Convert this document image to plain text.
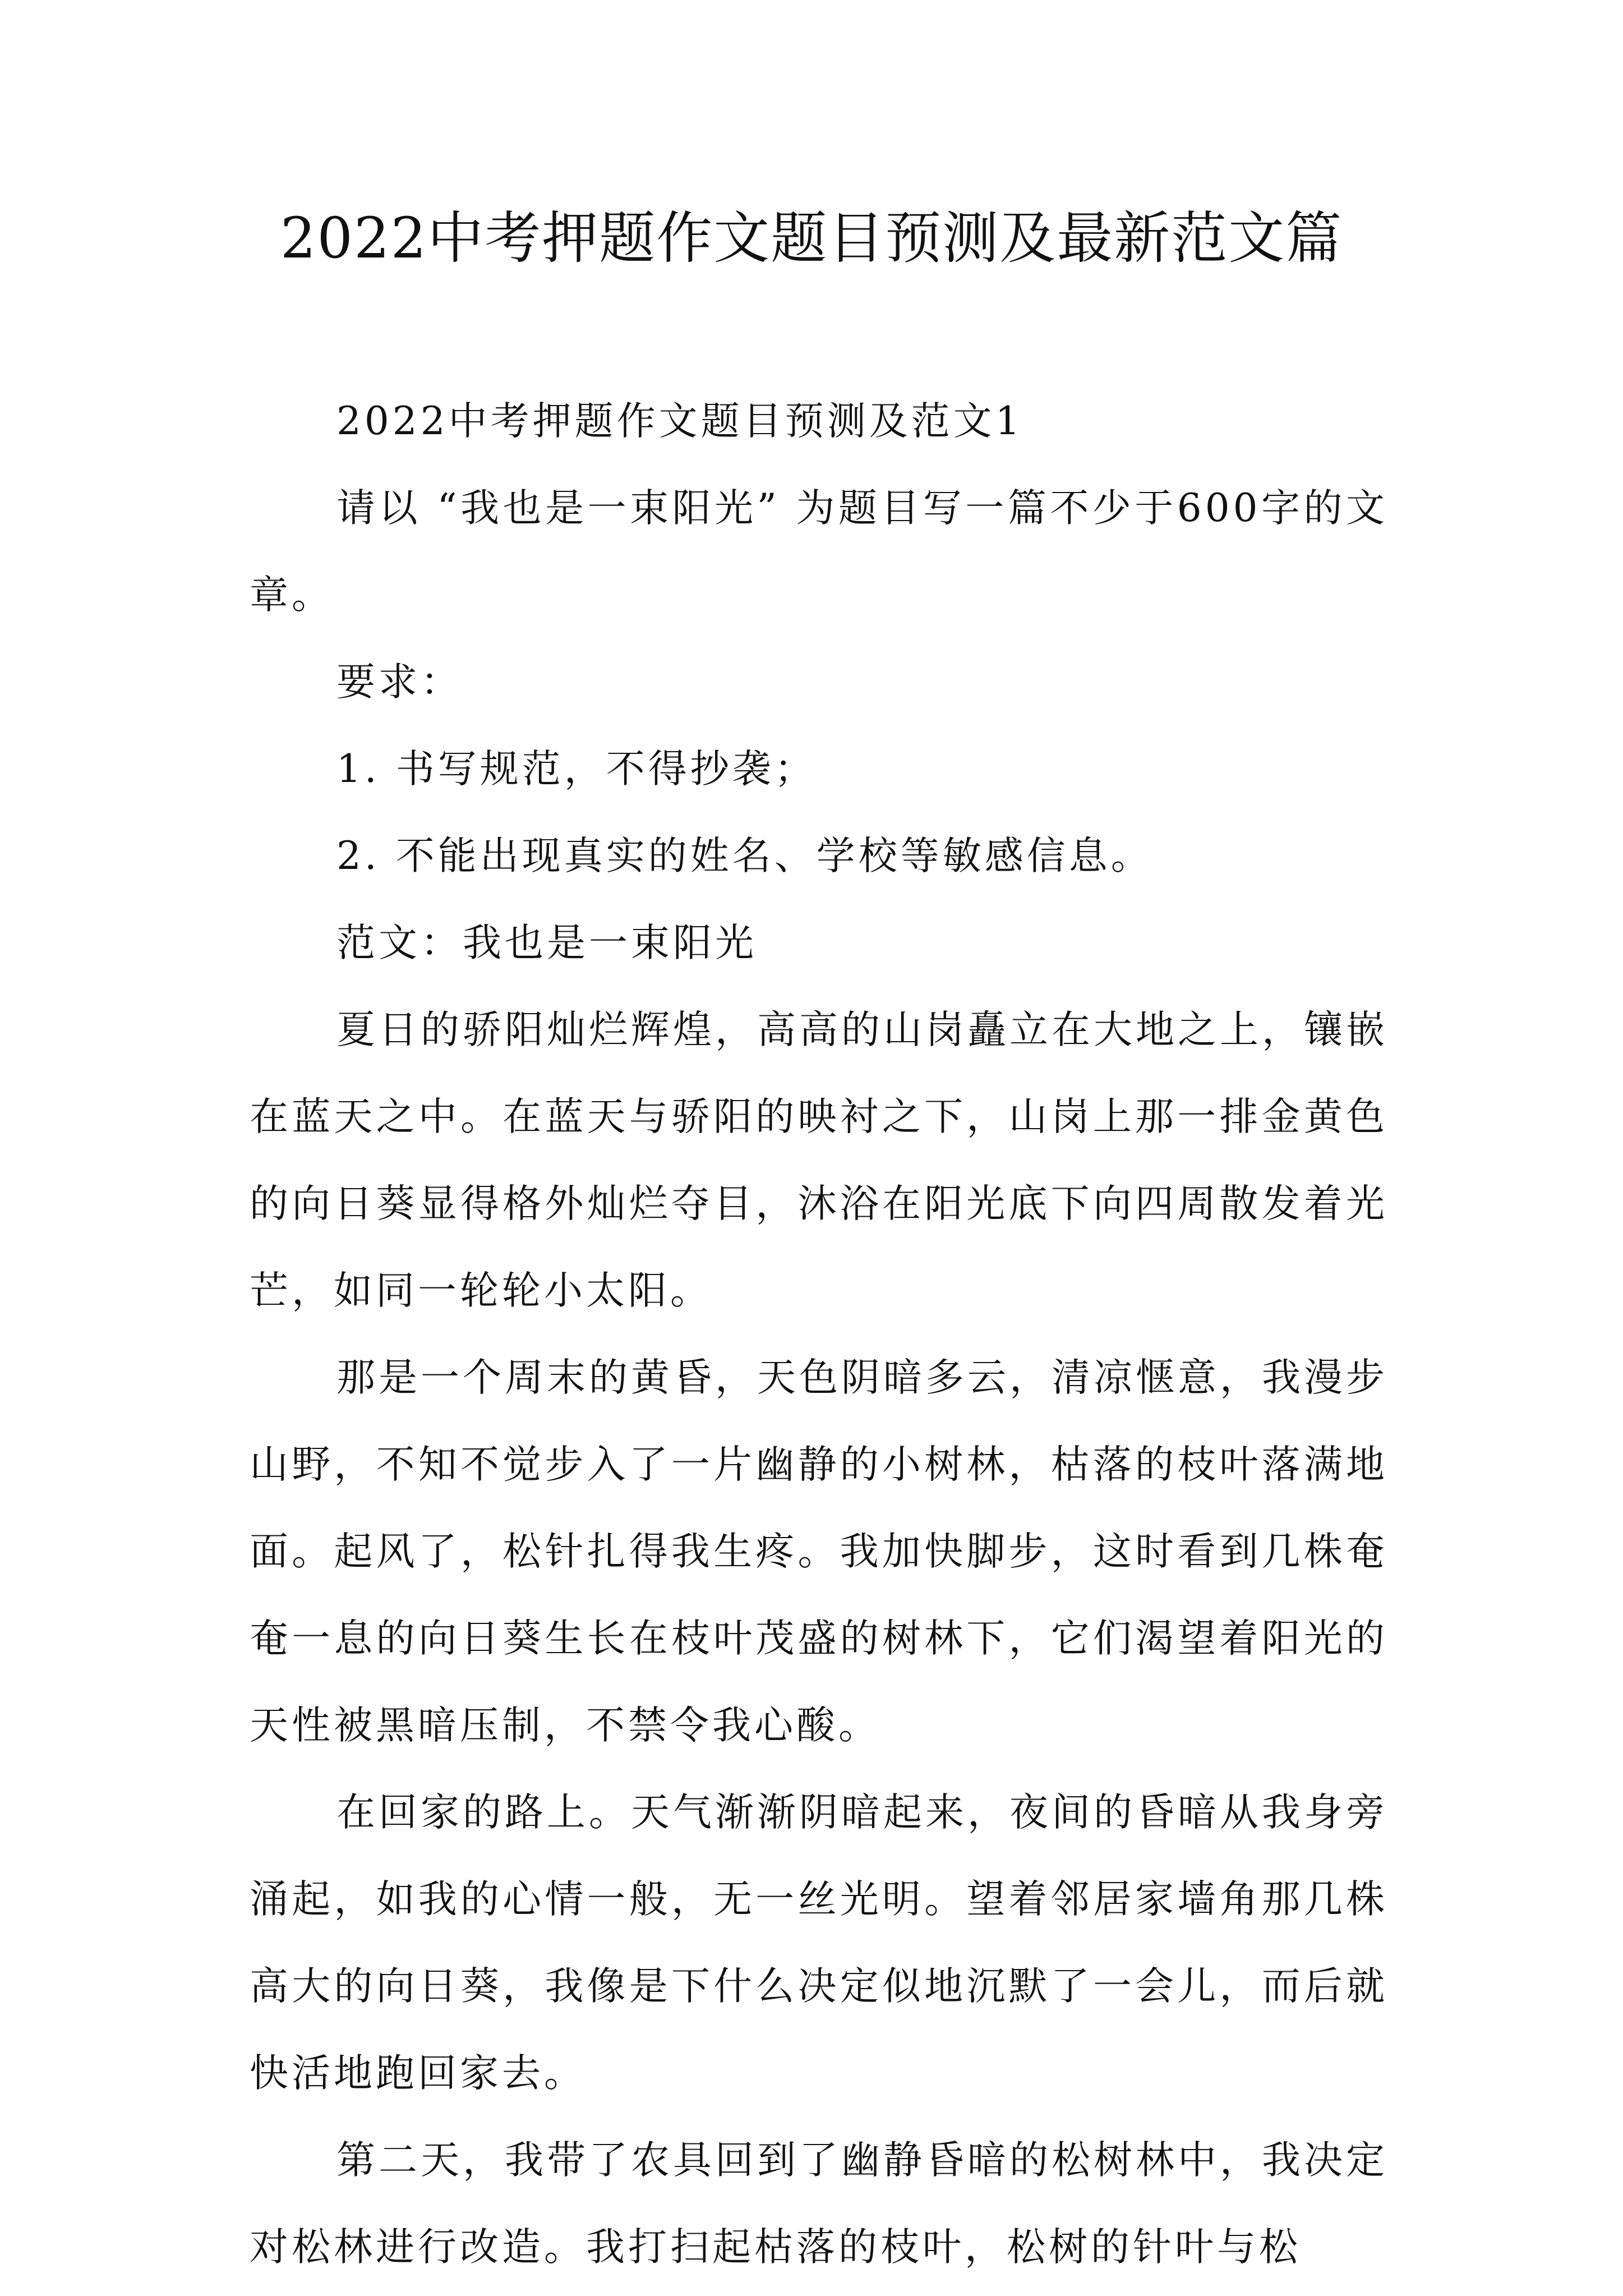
2022中考押题作文题目预测及最新范文篇

2022中考押题作文题目预测及范文1

请以 “我也是一束阳光” 为题目写一篇不少于600字的文章。

要求：

1. 书写规范，不得抄袭；

2. 不能出现真实的姓名、学校等敏感信息。

范文：我也是一束阳光

夏日的骄阳灿烂辉煌，高高的山岗矗立在大地之上，镶嵌在蓝天之中。在蓝天与骄阳的映衬之下，山岗上那一排金黄色的向日葵显得格外灿烂夺目，沐浴在阳光底下向四周散发着光芒，如同一轮轮小太阳。

那是一个周末的黄昏，天色阴暗多云，清凉惬意，我漫步山野，不知不觉步入了一片幽静的小树林，枯落的枝叶落满地面。起风了，松针扎得我生疼。我加快脚步，这时看到几株奄奄一息的向日葵生长在枝叶茂盛的树林下，它们渴望着阳光的天性被黑暗压制，不禁令我心酸。

在回家的路上。天气渐渐阴暗起来，夜间的昏暗从我身旁涌起，如我的心情一般，无一丝光明。望着邻居家墙角那几株高大的向日葵，我像是下什么决定似地沉默了一会儿，而后就快活地跑回家去。

第二天，我带了农具回到了幽静昏暗的松树林中，我决定对松林进行改造。我打扫起枯落的枝叶，松树的针叶与松
